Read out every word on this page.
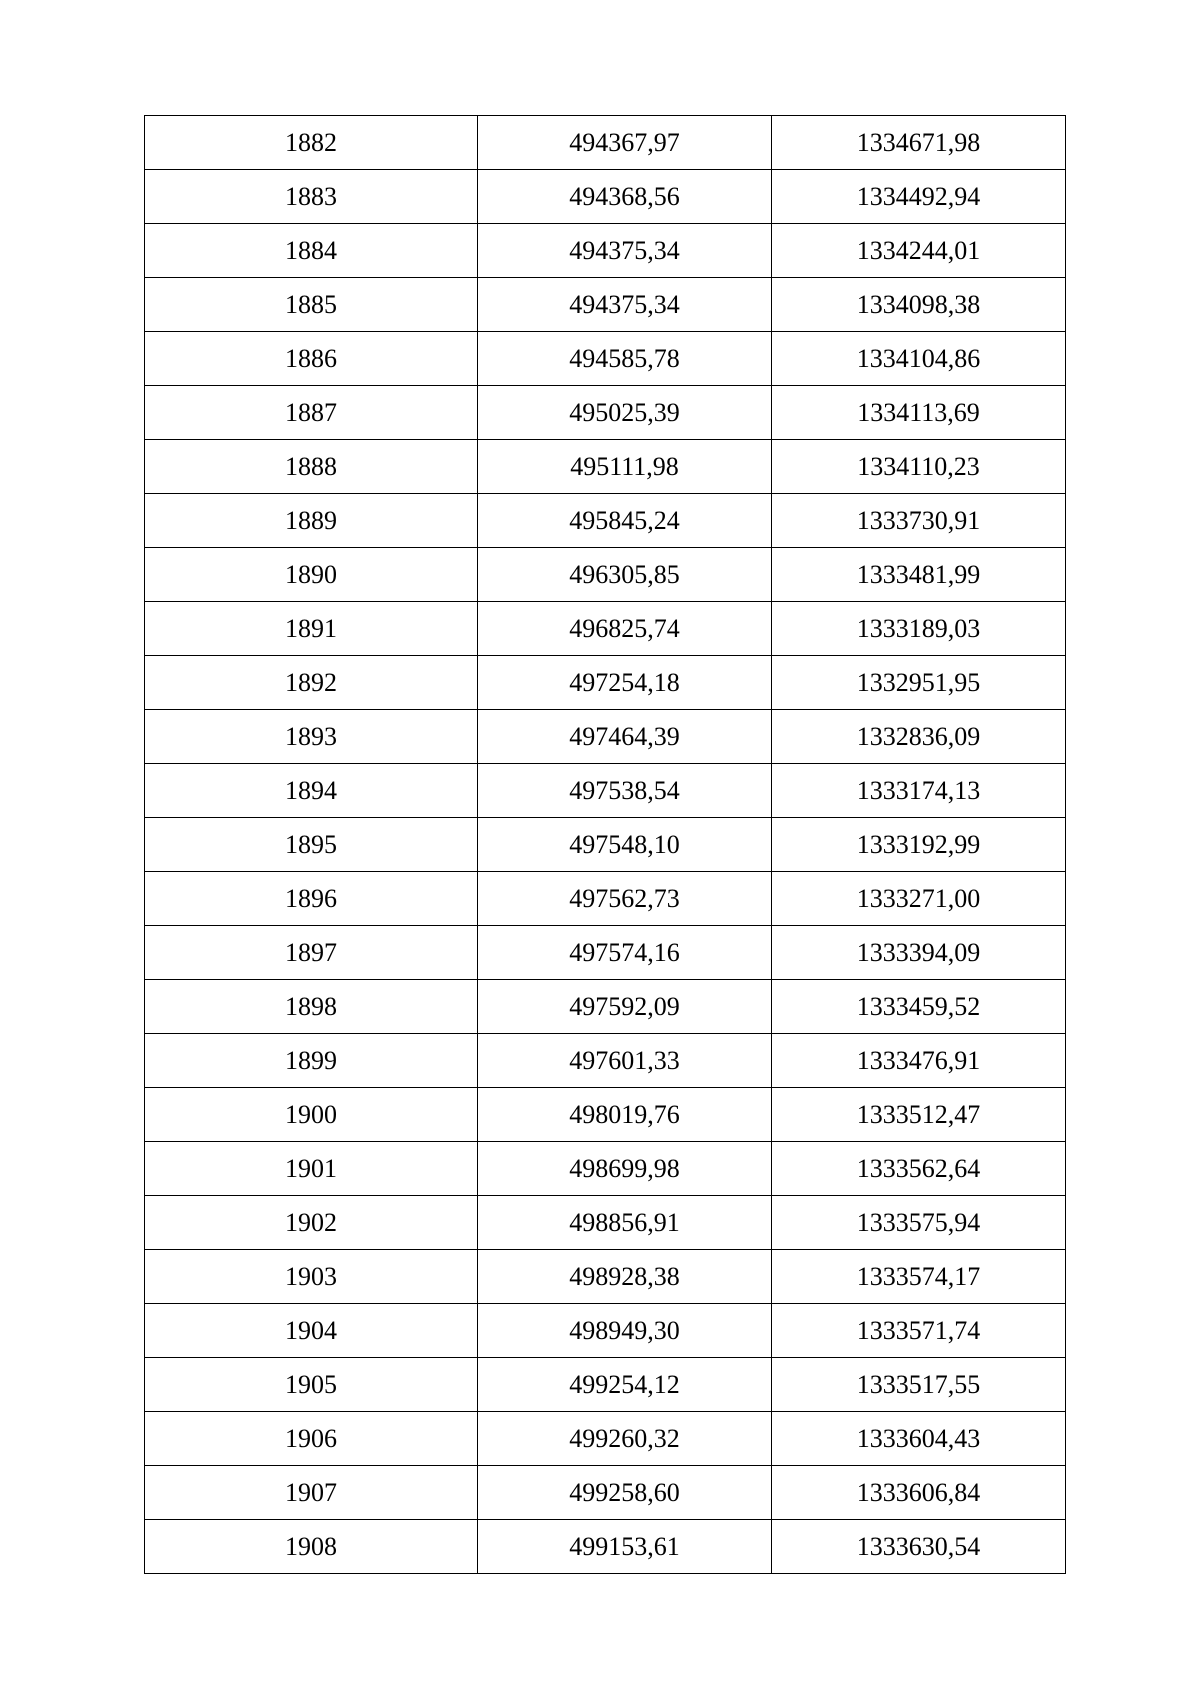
1882	494367,97	1334671,98
1883	494368,56	1334492,94
1884	494375,34	1334244,01
1885	494375,34	1334098,38
1886	494585,78	1334104,86
1887	495025,39	1334113,69
1888	495111,98	1334110,23
1889	495845,24	1333730,91
1890	496305,85	1333481,99
1891	496825,74	1333189,03
1892	497254,18	1332951,95
1893	497464,39	1332836,09
1894	497538,54	1333174,13
1895	497548,10	1333192,99
1896	497562,73	1333271,00
1897	497574,16	1333394,09
1898	497592,09	1333459,52
1899	497601,33	1333476,91
1900	498019,76	1333512,47
1901	498699,98	1333562,64
1902	498856,91	1333575,94
1903	498928,38	1333574,17
1904	498949,30	1333571,74
1905	499254,12	1333517,55
1906	499260,32	1333604,43
1907	499258,60	1333606,84
1908	499153,61	1333630,54
